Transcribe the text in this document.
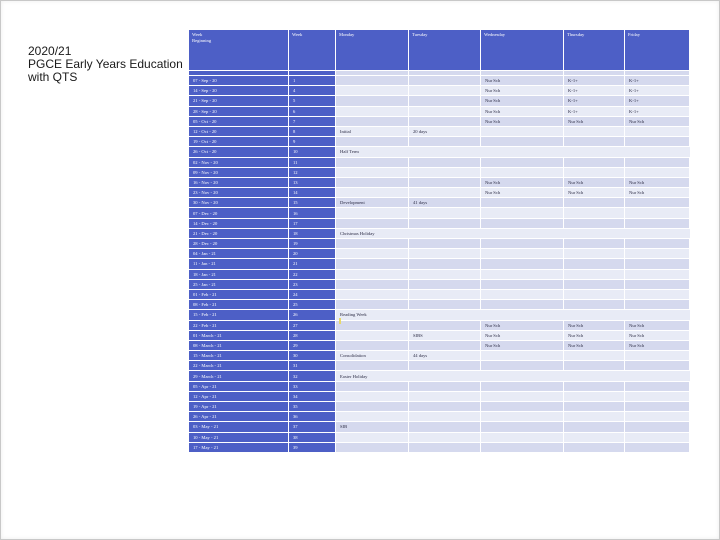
2020/21
PGCE Early Years Education
with QTS
Week
Beginning	Week	Monday	Tuesday	Wednesday	Thursday	Friday

07 - Sep - 20	1			Nur Sch	K-1+	K-1+
14 - Sep - 20	4			Nur Sch	K-1+	K-1+
21 - Sep - 20	5			Nur Sch	K-1+	K-1+
28 - Sep - 20	6			Nur Sch	K-1+	K-1+
05 - Oct - 20	7			Nur Sch	Nur Sch	Nur Sch
12 - Oct - 20	8	Initial	20 days			
19 - Oct - 20	9					
26 - Oct - 20	10	Half Term				
02 - Nov - 20	11					
09 - Nov - 20	12					
16 - Nov - 20	13			Nur Sch	Nur Sch	Nur Sch
23 - Nov - 20	14			Nur Sch	Nur Sch	Nur Sch
30 - Nov - 20	15	Development	41 days			
07 - Dec - 20	16					
14 - Dec - 20	17					
21 - Dec - 20	18	Christmas Holiday				
28 - Dec - 20	19					
04 - Jan - 21	20					
11 - Jan - 21	21					
18 - Jan - 21	22					
25 - Jan - 21	23					
01 - Feb - 21	24					
08 - Feb - 21	25					
15 - Feb - 21	26	Reading Week				
22 - Feb - 21	27			Nur Sch	Nur Sch	Nur Sch
01 - March - 21	28		SIBS	Nur Sch	Nur Sch	Nur Sch
08 - March - 21	29			Nur Sch	Nur Sch	Nur Sch
15 - March - 21	30	Consolidation	44 days			
22 - March - 21	31					
29 - March - 21	32	Easter Holiday				
05 - Apr - 21	33					
12 - Apr - 21	34					
19 - Apr - 21	35					
26 - Apr - 21	36					
03 - May - 21	37	SIB				
10 - May - 21	38					
17 - May - 21	39					
